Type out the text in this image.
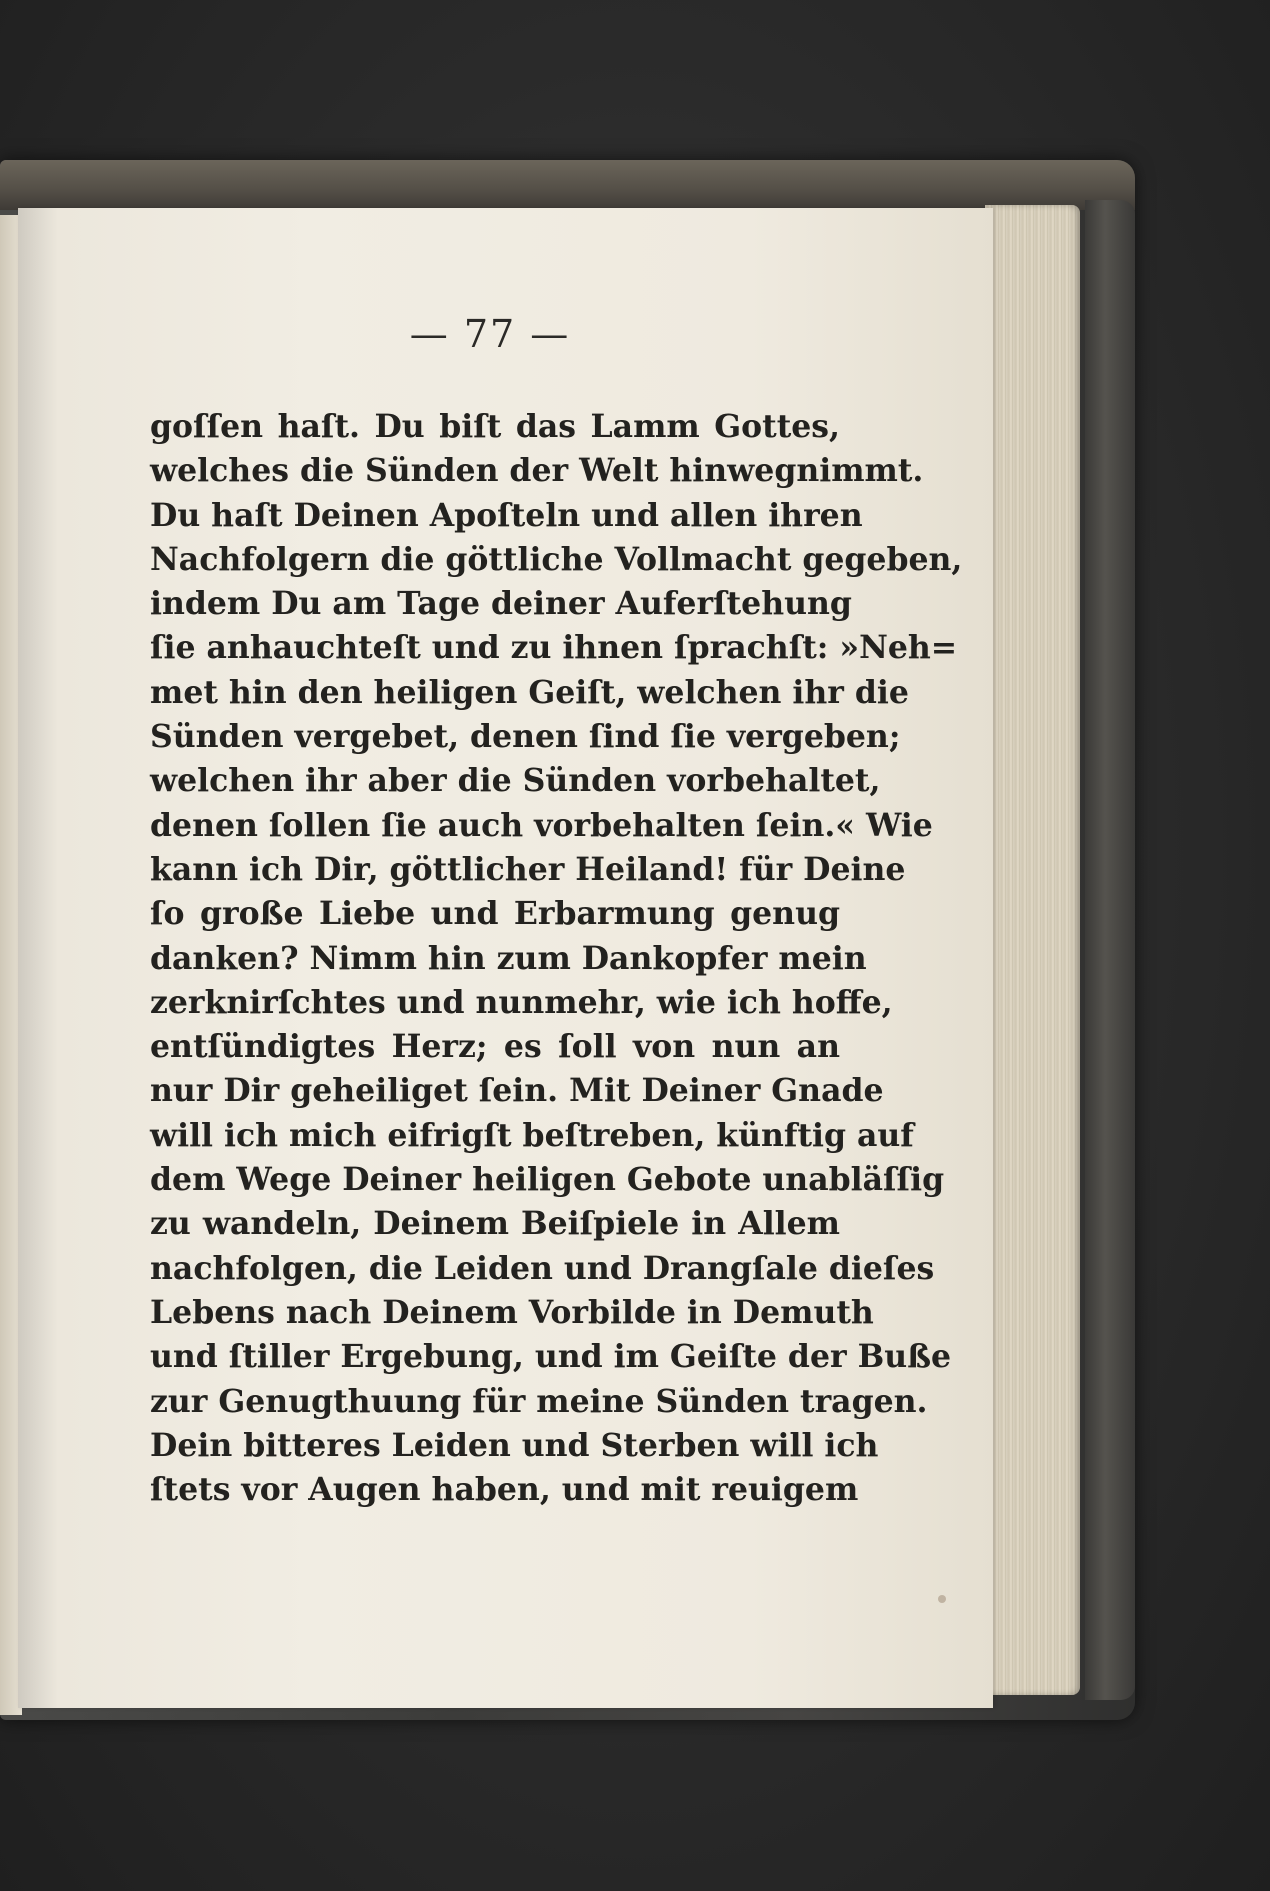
— 77 —
goſſen haſt. Du biſt das Lamm Gottes,
welches die Sünden der Welt hinwegnimmt.
Du haſt Deinen Apoſteln und allen ihren
Nachfolgern die göttliche Vollmacht gegeben,
indem Du am Tage deiner Auferſtehung
ſie anhauchteſt und zu ihnen ſprachſt: »Neh=
met hin den heiligen Geiſt, welchen ihr die
Sünden vergebet, denen ſind ſie vergeben;
welchen ihr aber die Sünden vorbehaltet,
denen ſollen ſie auch vorbehalten ſein.« Wie
kann ich Dir, göttlicher Heiland! für Deine
ſo große Liebe und Erbarmung genug
danken? Nimm hin zum Dankopfer mein
zerknirſchtes und nunmehr, wie ich hoffe,
entſündigtes Herz; es ſoll von nun an
nur Dir geheiliget ſein. Mit Deiner Gnade
will ich mich eifrigſt beſtreben, künftig auf
dem Wege Deiner heiligen Gebote unabläſſig
zu wandeln, Deinem Beiſpiele in Allem
nachfolgen, die Leiden und Drangſale dieſes
Lebens nach Deinem Vorbilde in Demuth
und ſtiller Ergebung, und im Geiſte der Buße
zur Genugthuung für meine Sünden tragen.
Dein bitteres Leiden und Sterben will ich
ſtets vor Augen haben, und mit reuigem
